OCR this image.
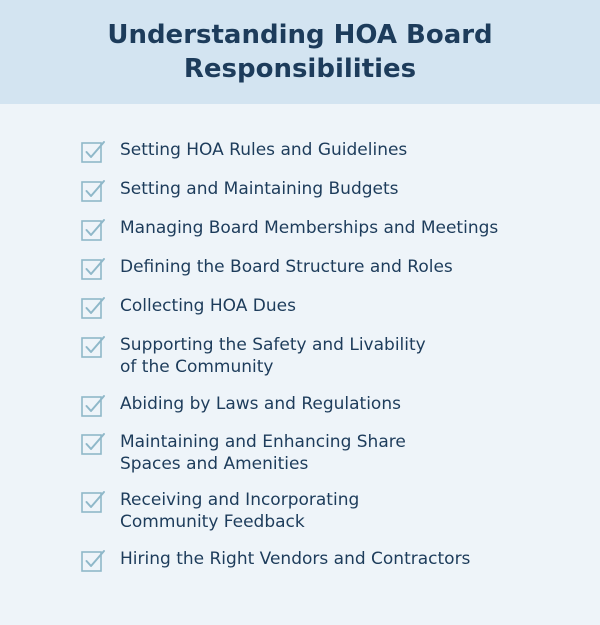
Understanding HOA Board
Responsibilities
Setting HOA Rules and Guidelines
Setting and Maintaining Budgets
Managing Board Memberships and Meetings
Defining the Board Structure and Roles
Collecting HOA Dues
Supporting the Safety and Livability
of the Community
Abiding by Laws and Regulations
Maintaining and Enhancing Share
Spaces and Amenities
Receiving and Incorporating
Community Feedback
Hiring the Right Vendors and Contractors
